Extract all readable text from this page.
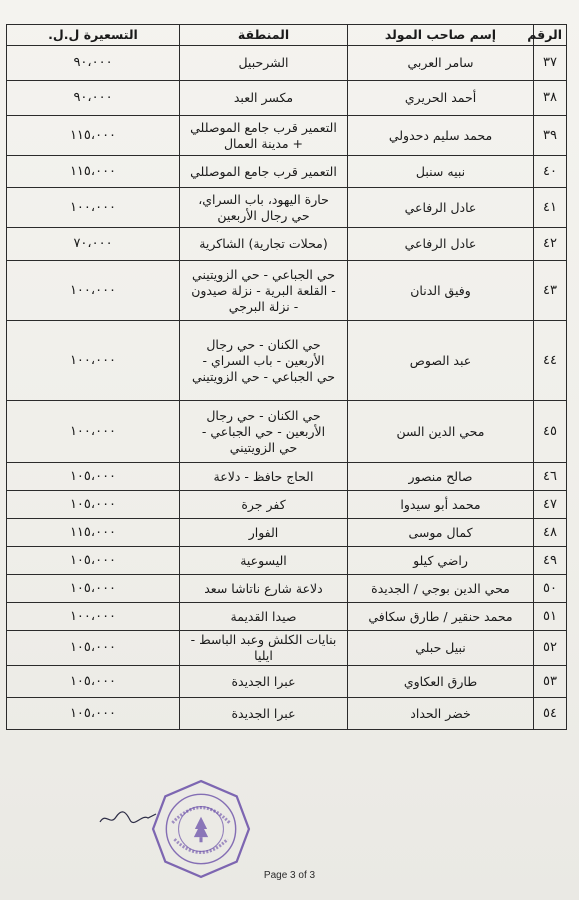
الرقم	إسم صاحب المولد	المنطقة	التسعيرة ل.ل.
٣٧	سامر العربي	الشرحبيل	٩٠،٠٠٠
٣٨	أحمد الحريري	مكسر العبد	٩٠،٠٠٠
٣٩	محمد سليم دحدولي	التعمير قرب جامع الموصللي
+ مدينة العمال	١١٥،٠٠٠
٤٠	نبيه سنبل	التعمير قرب جامع الموصللي	١١٥،٠٠٠
٤١	عادل الرفاعي	حارة اليهود، باب السراي،
حي رجال الأربعين	١٠٠،٠٠٠
٤٢	عادل الرفاعي	(محلات تجارية) الشاكرية	٧٠،٠٠٠
٤٣	وفيق الدنان	حي الجباعي - حي الزويتيني
- القلعة البرية - نزلة صيدون
- نزلة البرجي	١٠٠،٠٠٠
٤٤	عبد الصوص	حي الكنان - حي رجال
الأربعين - باب السراي -
حي الجباعي - حي الزويتيني	١٠٠،٠٠٠
٤٥	محي الدين السن	حي الكنان - حي رجال
الأربعين - حي الجباعي -
حي الزويتيني	١٠٠،٠٠٠
٤٦	صالح منصور	الحاج حافظ - دلاعة	١٠٥،٠٠٠
٤٧	محمد أبو سيدوا	كفر جرة	١٠٥،٠٠٠
٤٨	كمال موسى	الفوار	١١٥،٠٠٠
٤٩	راضي كيلو	اليسوعية	١٠٥،٠٠٠
٥٠	محي الدين بوجي / الجديدة	دلاعة شارع ناتاشا سعد	١٠٥،٠٠٠
٥١	محمد حنقير / طارق سكافي	صيدا القديمة	١٠٠،٠٠٠
٥٢	نبيل حبلي	بنايات الكلش وعبد الباسط -
ايليا	١٠٥،٠٠٠
٥٣	طارق العكاوي	عبرا الجديدة	١٠٥،٠٠٠
٥٤	خضر الحداد	عبرا الجديدة	١٠٥،٠٠٠
Page 3 of 3
